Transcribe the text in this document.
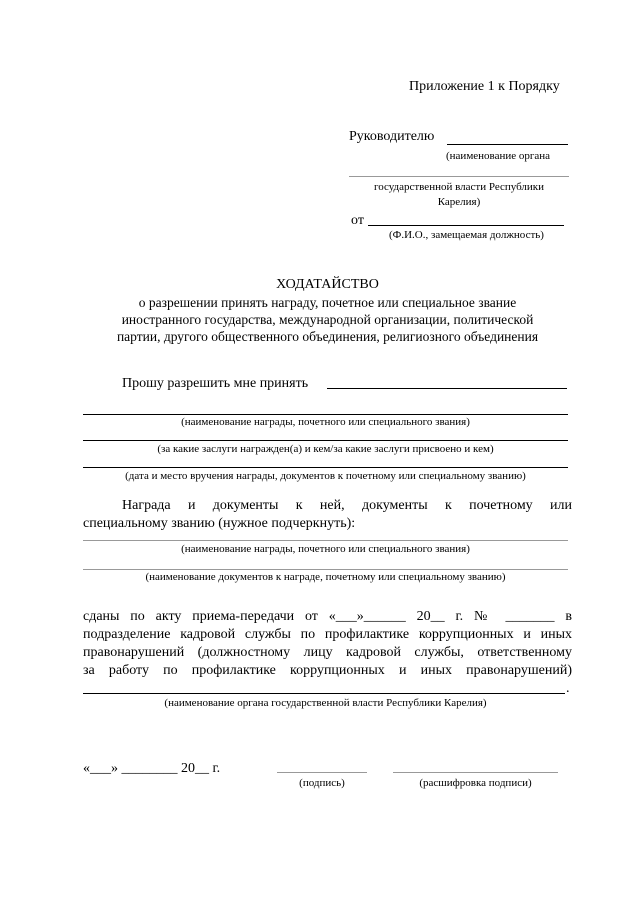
Приложение 1 к Порядку
Руководителю
(наименование органа
государственной власти Республики
Карелия)
от
(Ф.И.О., замещаемая должность)
ХОДАТАЙСТВО
о разрешении принять награду, почетное или специальное звание
иностранного государства, международной организации, политической
партии, другого общественного объединения, религиозного объединения
Прошу разрешить мне принять
(наименование награды, почетного или специального звания)
(за какие заслуги награжден(а) и кем/за какие заслуги присвоено и кем)
(дата и место вручения награды, документов к почетному или специальному званию)
Награда и документы к ней, документы к почетному или
специальному званию (нужное подчеркнуть):
(наименование награды, почетного или специального звания)
(наименование документов к награде, почетному или специальному званию)
сданы по акту приема-передачи от «___»______ 20__ г. № _______ в
подразделение кадровой службы по профилактике коррупционных и иных
правонарушений (должностному лицу кадровой службы, ответственному
за работу по профилактике коррупционных и иных правонарушений)
.
(наименование органа государственной власти Республики Карелия)
«___» ________ 20__ г.
(подпись)	(расшифровка подписи)
